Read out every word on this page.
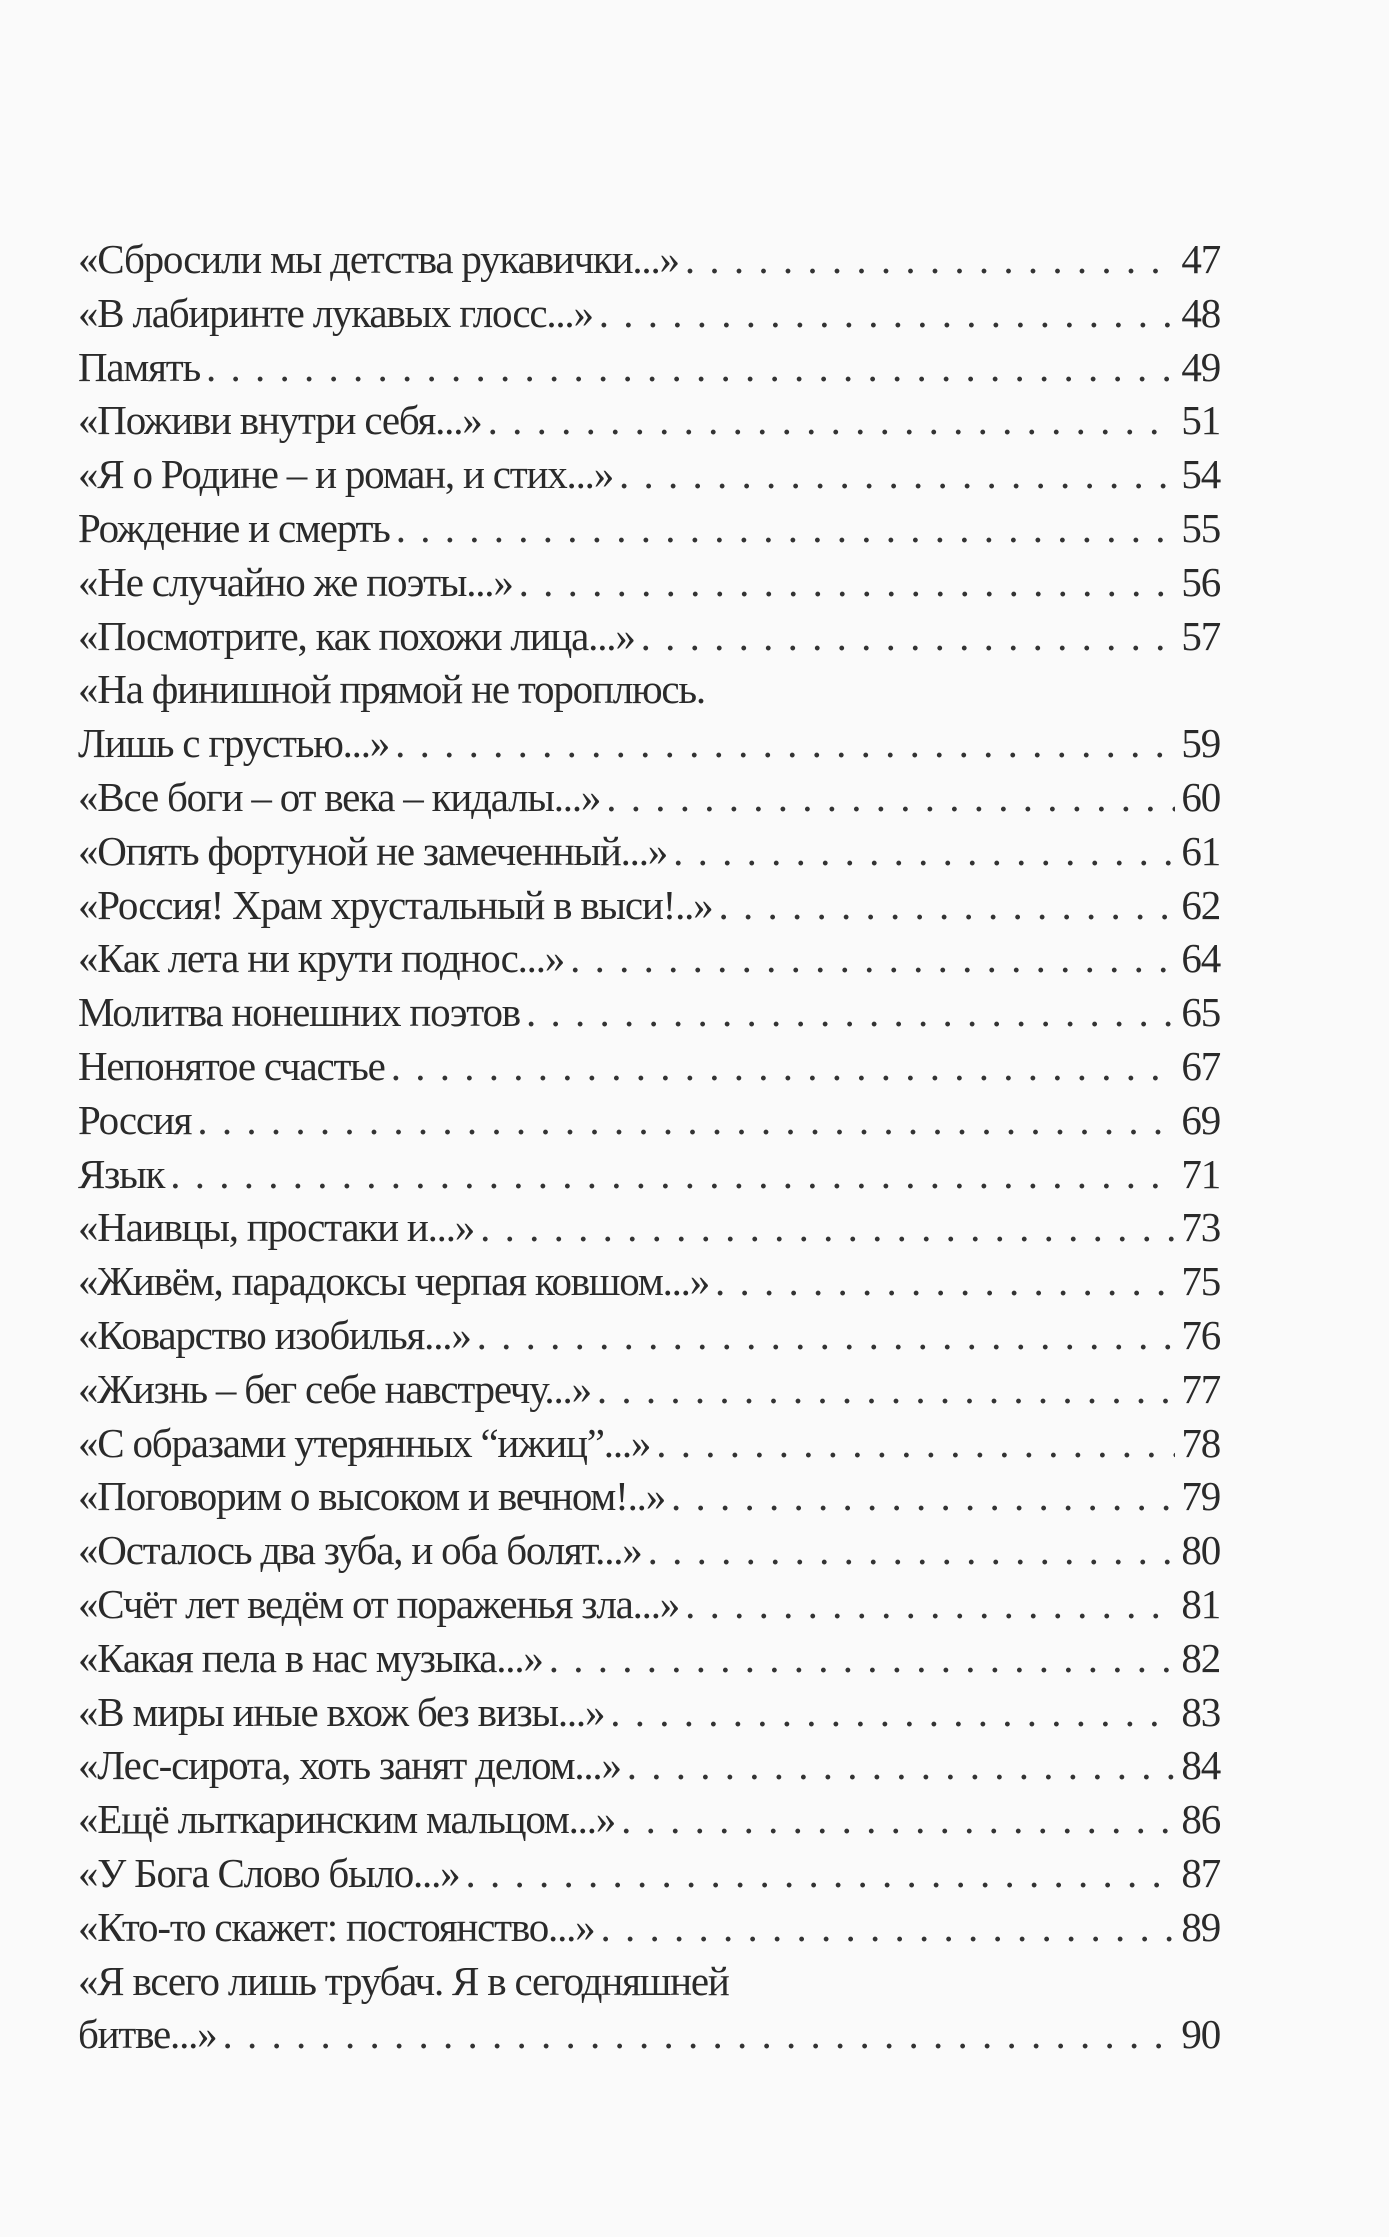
«Сбросили мы детства рукавички...» . . .	47
«В лабиринте лукавых глосс...» . . .	48
Память . . .	49
«Поживи внутри себя...» . . .	51
«Я о Родине – и роман, и стих...» . . .	54
Рождение и смерть . . .	55
«Не случайно же поэты...» . . .	56
«Посмотрите, как похожи лица...» . . .	57
«На финишной прямой не тороплюсь.
Лишь с грустью...» . . .	59
«Все боги – от века – кидалы...» . . .	60
«Опять фортуной не замеченный...» . . .	61
«Россия! Храм хрустальный в выси!..» . . .	62
«Как лета ни крути поднос...» . . .	64
Молитва нонешних поэтов . . .	65
Непонятое счастье . . .	67
Россия . . .	69
Язык . . .	71
«Наивцы, простаки и...» . . .	73
«Живём, парадоксы черпая ковшом...» . . .	75
«Коварство изобилья...» . . .	76
«Жизнь – бег себе навстречу...» . . .	77
«С образами утерянных “ижиц”...» . . .	78
«Поговорим о высоком и вечном!..» . . .	79
«Осталось два зуба, и оба болят...» . . .	80
«Счёт лет ведём от пораженья зла...» . . .	81
«Какая пела в нас музыка...» . . .	82
«В миры иные вхож без визы...» . . .	83
«Лес-сирота, хоть занят делом...» . . .	84
«Ещё лыткаринским мальцом...» . . .	86
«У Бога Слово было...» . . .	87
«Кто-то скажет: постоянство...» . . .	89
«Я всего лишь трубач. Я в сегодняшней
битве...» . . .	90
